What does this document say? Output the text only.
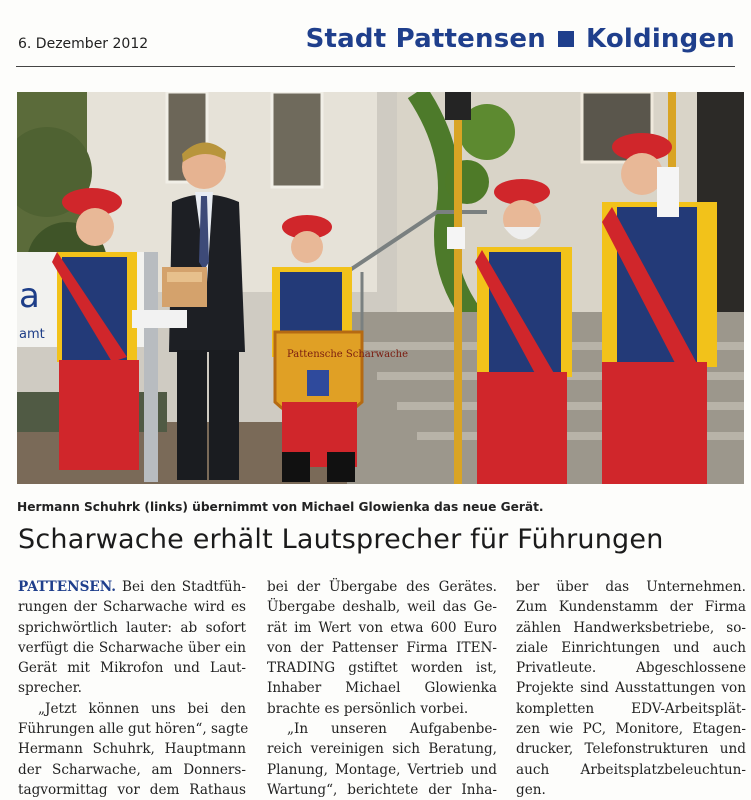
6. Dezember 2012	Stadt Pattensen Koldingen
a
amt
Pattensche Scharwache
Hermann Schuhrk (links) übernimmt von Michael Glowienka das neue Gerät.
Scharwache erhält Lautsprecher für Führungen
PATTENSEN. Bei den Stadtfüh-
rungen der Scharwache wird es
sprichwörtlich lauter: ab sofort
verfügt die Scharwache über ein
Gerät mit Mikrofon und Laut-
sprecher.
„Jetzt können uns bei den
Führungen alle gut hören“, sagte
Hermann Schuhrk, Hauptmann
der Scharwache, am Donners-
tagvormittag vor dem Rathaus
bei der Übergabe des Gerätes.
Übergabe deshalb, weil das Ge-
rät im Wert von etwa 600 Euro
von der Pattenser Firma ITEN-
TRADING gstiftet worden ist,
Inhaber Michael Glowienka
brachte es persönlich vorbei.
„In unseren Aufgabenbe-
reich vereinigen sich Beratung,
Planung, Montage, Vertrieb und
Wartung“, berichtete der Inha-
ber über das Unternehmen.
Zum Kundenstamm der Firma
zählen Handwerksbetriebe, so-
ziale Einrichtungen und auch
Privatleute. Abgeschlossene
Projekte sind Ausstattungen von
kompletten EDV-Arbeitsplät-
zen wie PC, Monitore, Etagen-
drucker, Telefonstrukturen und
auch Arbeitsplatzbeleuchtun-
gen.
